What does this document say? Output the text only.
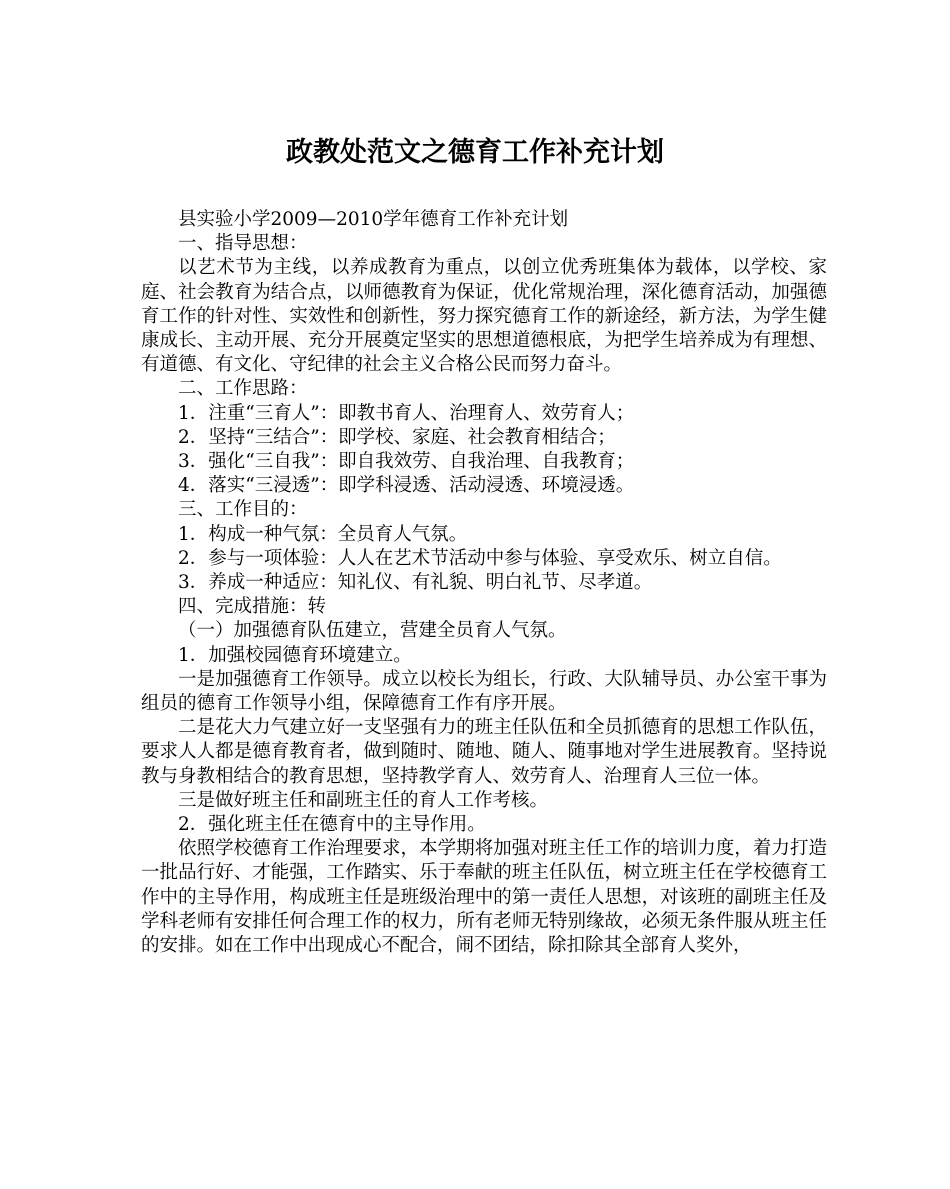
政教处范文之德育工作补充计划

县实验小学2009—2010学年德育工作补充计划

一、指导思想：

以艺术节为主线，以养成教育为重点，以创立优秀班集体为载体，以学校、家庭、社会教育为结合点，以师德教育为保证，优化常规治理，深化德育活动，加强德育工作的针对性、实效性和创新性，努力探究德育工作的新途经，新方法，为学生健康成长、主动开展、充分开展奠定坚实的思想道德根底，为把学生培养成为有理想、有道德、有文化、守纪律的社会主义合格公民而努力奋斗。

二、工作思路：

1．注重“三育人”：即教书育人、治理育人、效劳育人；

2．坚持“三结合”：即学校、家庭、社会教育相结合；

3．强化“三自我”：即自我效劳、自我治理、自我教育；

4．落实“三浸透”：即学科浸透、活动浸透、环境浸透。

三、工作目的：

1．构成一种气氛：全员育人气氛。

2．参与一项体验：人人在艺术节活动中参与体验、享受欢乐、树立自信。

3．养成一种适应：知礼仪、有礼貌、明白礼节、尽孝道。

四、完成措施：转

（一）加强德育队伍建立，营建全员育人气氛。

1．加强校园德育环境建立。

一是加强德育工作领导。成立以校长为组长，行政、大队辅导员、办公室干事为组员的德育工作领导小组，保障德育工作有序开展。

二是花大力气建立好一支坚强有力的班主任队伍和全员抓德育的思想工作队伍，要求人人都是德育教育者，做到随时、随地、随人、随事地对学生进展教育。坚持说教与身教相结合的教育思想，坚持教学育人、效劳育人、治理育人三位一体。

三是做好班主任和副班主任的育人工作考核。

2．强化班主任在德育中的主导作用。

依照学校德育工作治理要求，本学期将加强对班主任工作的培训力度，着力打造一批品行好、才能强，工作踏实、乐于奉献的班主任队伍，树立班主任在学校德育工作中的主导作用，构成班主任是班级治理中的第一责任人思想，对该班的副班主任及学科老师有安排任何合理工作的权力，所有老师无特别缘故，必须无条件服从班主任的安排。如在工作中出现成心不配合，闹不团结，除扣除其全部育人奖外，
